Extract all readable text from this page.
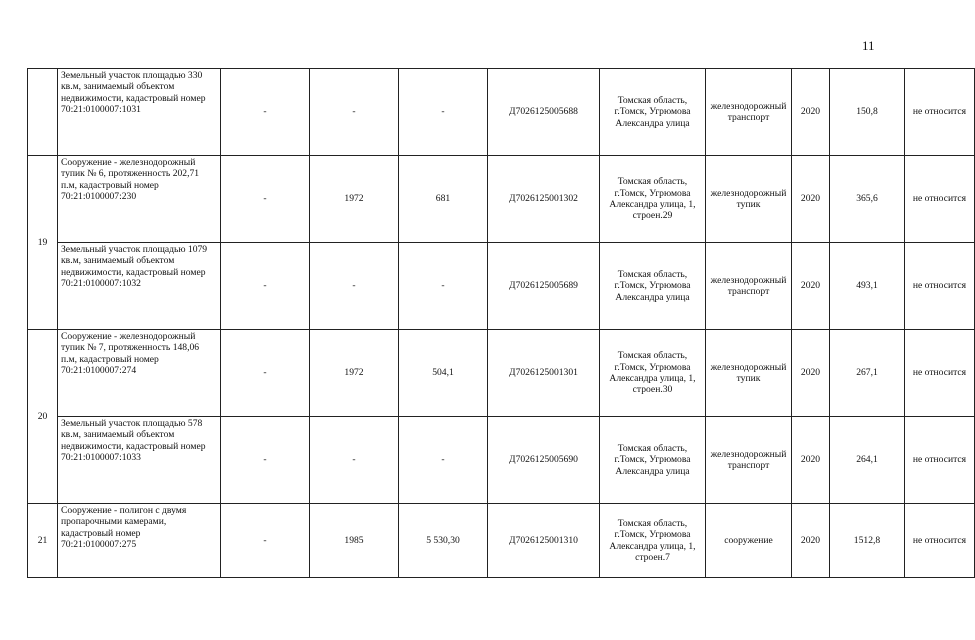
11
	Земельный участок площадью 330 кв.м, занимаемый объектом недвижимости, кадастровый номер 70:21:0100007:1031	-	-	-	Д7026125005688	Томская область, г.Томск, Угрюмова Александра улица	железнодорожный транспорт	2020	150,8	не относится
19	Сооружение - железнодорожный тупик № 6, протяженность 202,71 п.м, кадастровый номер 70:21:0100007:230	-	1972	681	Д7026125001302	Томская область, г.Томск, Угрюмова Александра улица, 1, строен.29	железнодорожный тупик	2020	365,6	не относится
	Земельный участок площадью 1079 кв.м, занимаемый объектом недвижимости, кадастровый номер 70:21:0100007:1032	-	-	-	Д7026125005689	Томская область, г.Томск, Угрюмова Александра улица	железнодорожный транспорт	2020	493,1	не относится
20	Сооружение - железнодорожный тупик № 7, протяженность 148,06 п.м, кадастровый номер 70:21:0100007:274	-	1972	504,1	Д7026125001301	Томская область, г.Томск, Угрюмова Александра улица, 1, строен.30	железнодорожный тупик	2020	267,1	не относится
	Земельный участок площадью 578 кв.м, занимаемый объектом недвижимости, кадастровый номер 70:21:0100007:1033	-	-	-	Д7026125005690	Томская область, г.Томск, Угрюмова Александра улица	железнодорожный транспорт	2020	264,1	не относится
21	Сооружение - полигон с двумя пропарочными камерами, кадастровый номер 70:21:0100007:275	-	1985	5 530,30	Д7026125001310	Томская область, г.Томск, Угрюмова Александра улица, 1, строен.7	сооружение	2020	1512,8	не относится
